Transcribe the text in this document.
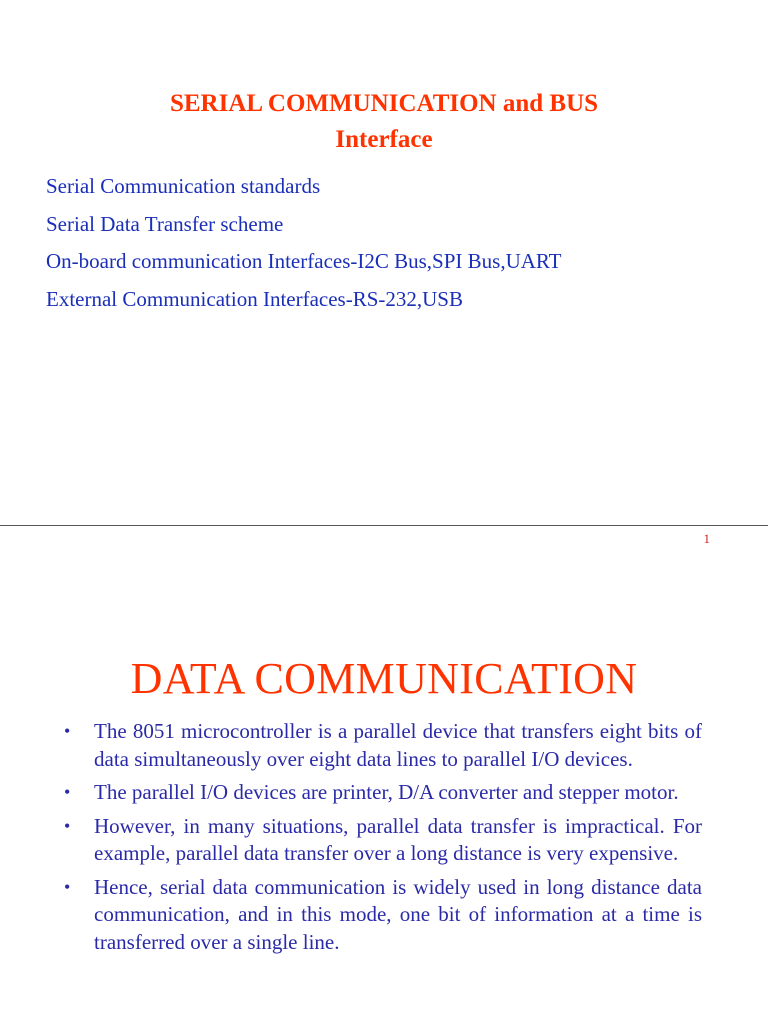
SERIAL COMMUNICATION and BUS
Interface
Serial Communication standards
Serial Data Transfer scheme
On-board communication Interfaces-I2C Bus,SPI Bus,UART
External Communication Interfaces-RS-232,USB
1
DATA COMMUNICATION
• The 8051 microcontroller is a parallel device that transfers eight bits of data simultaneously over eight data lines to parallel I/O devices.
• The parallel I/O devices are printer, D/A converter and stepper motor.
• However, in many situations, parallel data transfer is impractical. For example, parallel data transfer over a long distance is very expensive.
• Hence, serial data communication is widely used in long distance data communication, and in this mode, one bit of information at a time is transferred over a single line.
